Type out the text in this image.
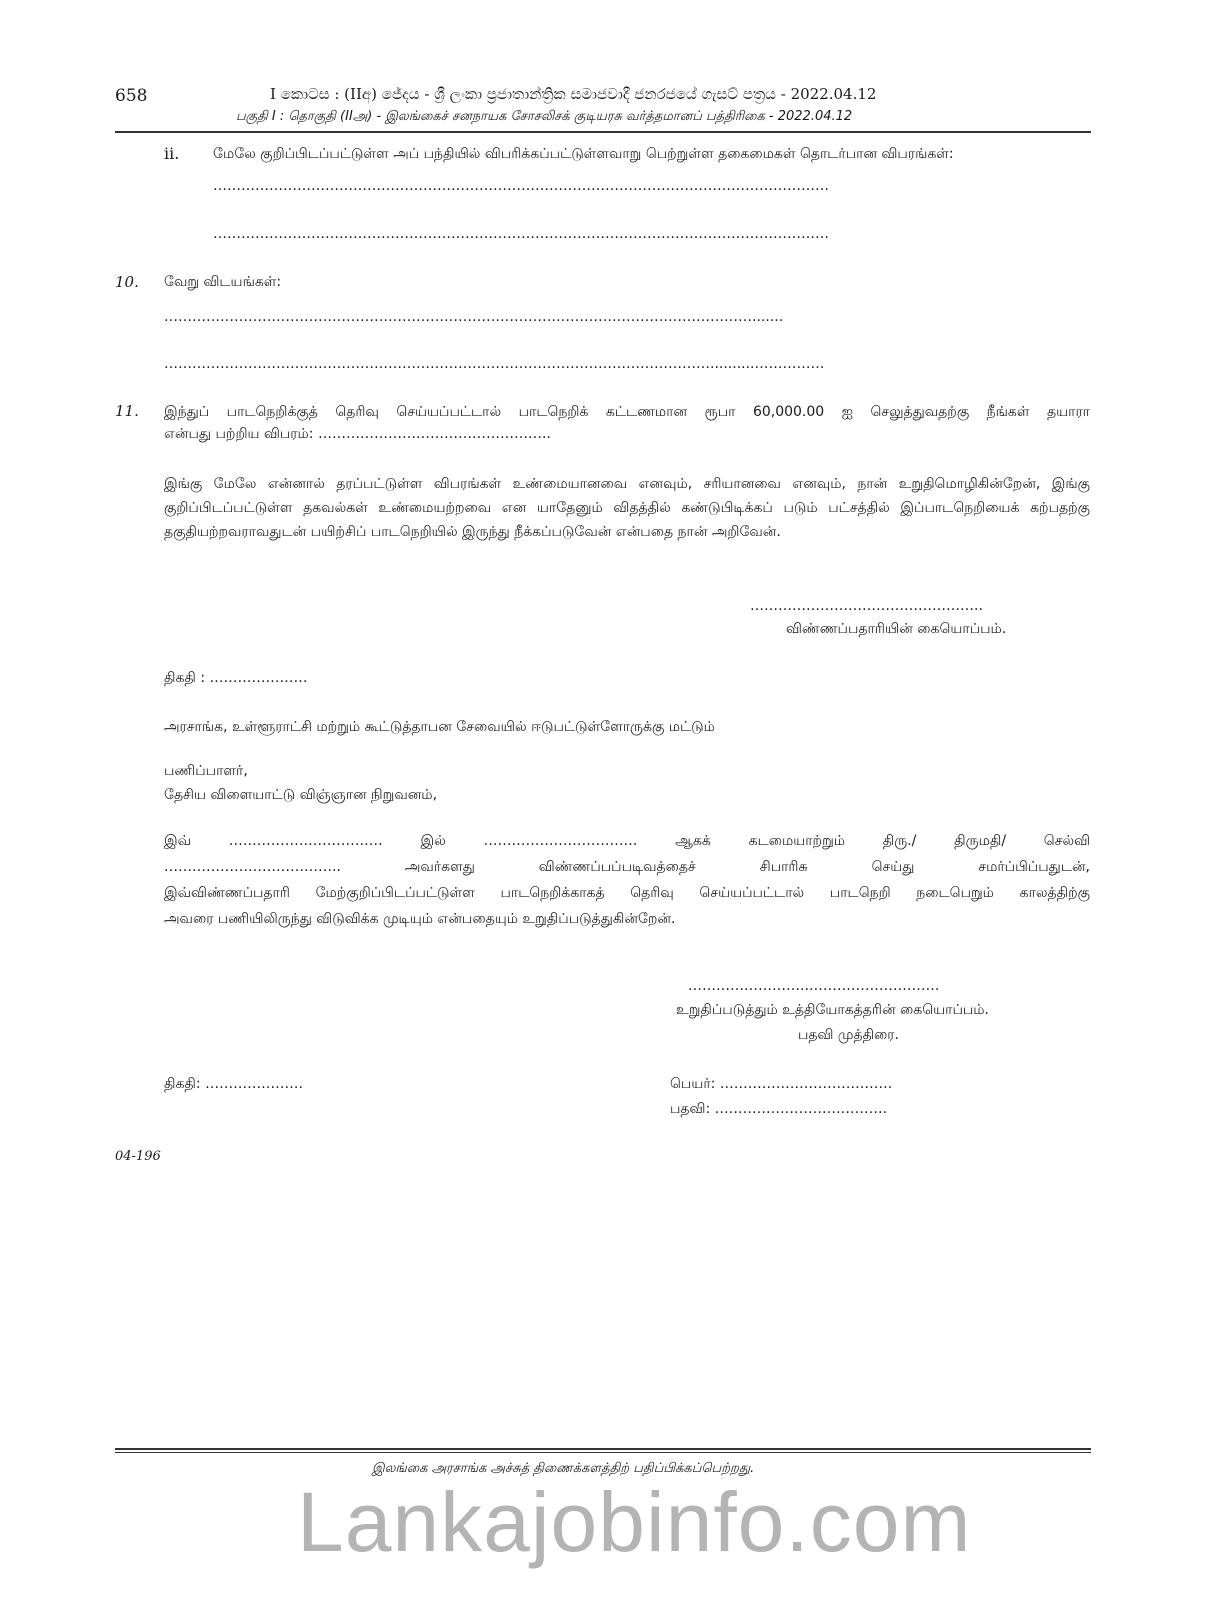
658	I කොටස : (IIඅ) ජේදය - ශ්‍රී ලංකා ප්‍රජාතාන්ත්‍රික සමාජවාදී ජනරජයේ ගැසට් පත්‍රය - 2022.04.12
பகுதி I : தொகுதி (IIஅ) - இலங்கைச் சனநாயக சோசலிசக் குடியரசு வர்த்தமானப் பத்திரிகை - 2022.04.12
ii. மேலே குறிப்பிடப்பட்டுள்ள அப் பந்தியில் விபரிக்கப்பட்டுள்ளவாறு பெற்றுள்ள தகைமைகள் தொடர்பான விபரங்கள்:
……………………………………………………………………………………………………………………
……………………………………………………………………………………………………………………
10. வேறு விடயங்கள்:
……………………………………………………………………………………………………………….......
………………………………………………………………………………………………………..........……………
11. இந்துப் பாடநெறிக்குத் தெரிவு செய்யப்பட்டால் பாடநெறிக் கட்டணமான ரூபா 60,000.00 ஐ செலுத்துவதற்கு நீங்கள் தயாரா
என்பது பற்றிய விபரம்: …………………………………………..
இங்கு மேலே என்னால் தரப்பட்டுள்ள விபரங்கள் உண்மையானவை எனவும், சரியானவை எனவும், நான் உறுதிமொழிகின்றேன், இங்கு குறிப்பிடப்பட்டுள்ள தகவல்கள் உண்மையற்றவை என யாதேனும் விதத்தில் கண்டுபிடிக்கப் படும் பட்சத்தில் இப்பாடநெறியைக் கற்பதற்கு தகுதியற்றவராவதுடன் பயிற்சிப் பாடநெறியில் இருந்து நீக்கப்படுவேன் என்பதை நான் அறிவேன்.
…………………………………………..
விண்ணப்பதாரியின் கையொப்பம்.
திகதி : …………………
அரசாங்க, உள்ளூராட்சி மற்றும் கூட்டுத்தாபன சேவையில் ஈடுபட்டுள்ளோருக்கு மட்டும்
பணிப்பாளர்,
தேசிய விளையாட்டு விஞ்ஞான நிறுவனம்,
இவ் …………………………… இல் …………………………… ஆகக் கடமையாற்றும் திரு./ திருமதி/ செல்வி
……………………………….. அவர்களது விண்ணப்பப்படிவத்தைச் சிபாரிசு செய்து சமர்ப்பிப்பதுடன்,
இவ்விண்ணப்பதாரி மேற்குறிப்பிடப்பட்டுள்ள பாடநெறிக்காகத் தெரிவு செய்யப்பட்டால் பாடநெறி நடைபெறும் காலத்திற்கு
அவரை பணியிலிருந்து விடுவிக்க முடியும் என்பதையும் உறுதிப்படுத்துகின்றேன்.
……………………..……………………….
உறுதிப்படுத்தும் உத்தியோகத்தரின் கையொப்பம்.
பதவி முத்திரை.
திகதி: …………………	பெயர்: ……………………………….
பதவி: ……………………………….
04-196
இலங்கை அரசாங்க அச்சுத் திணைக்களத்திற் பதிப்பிக்கப்பெற்றது.
Lankajobinfo.com
